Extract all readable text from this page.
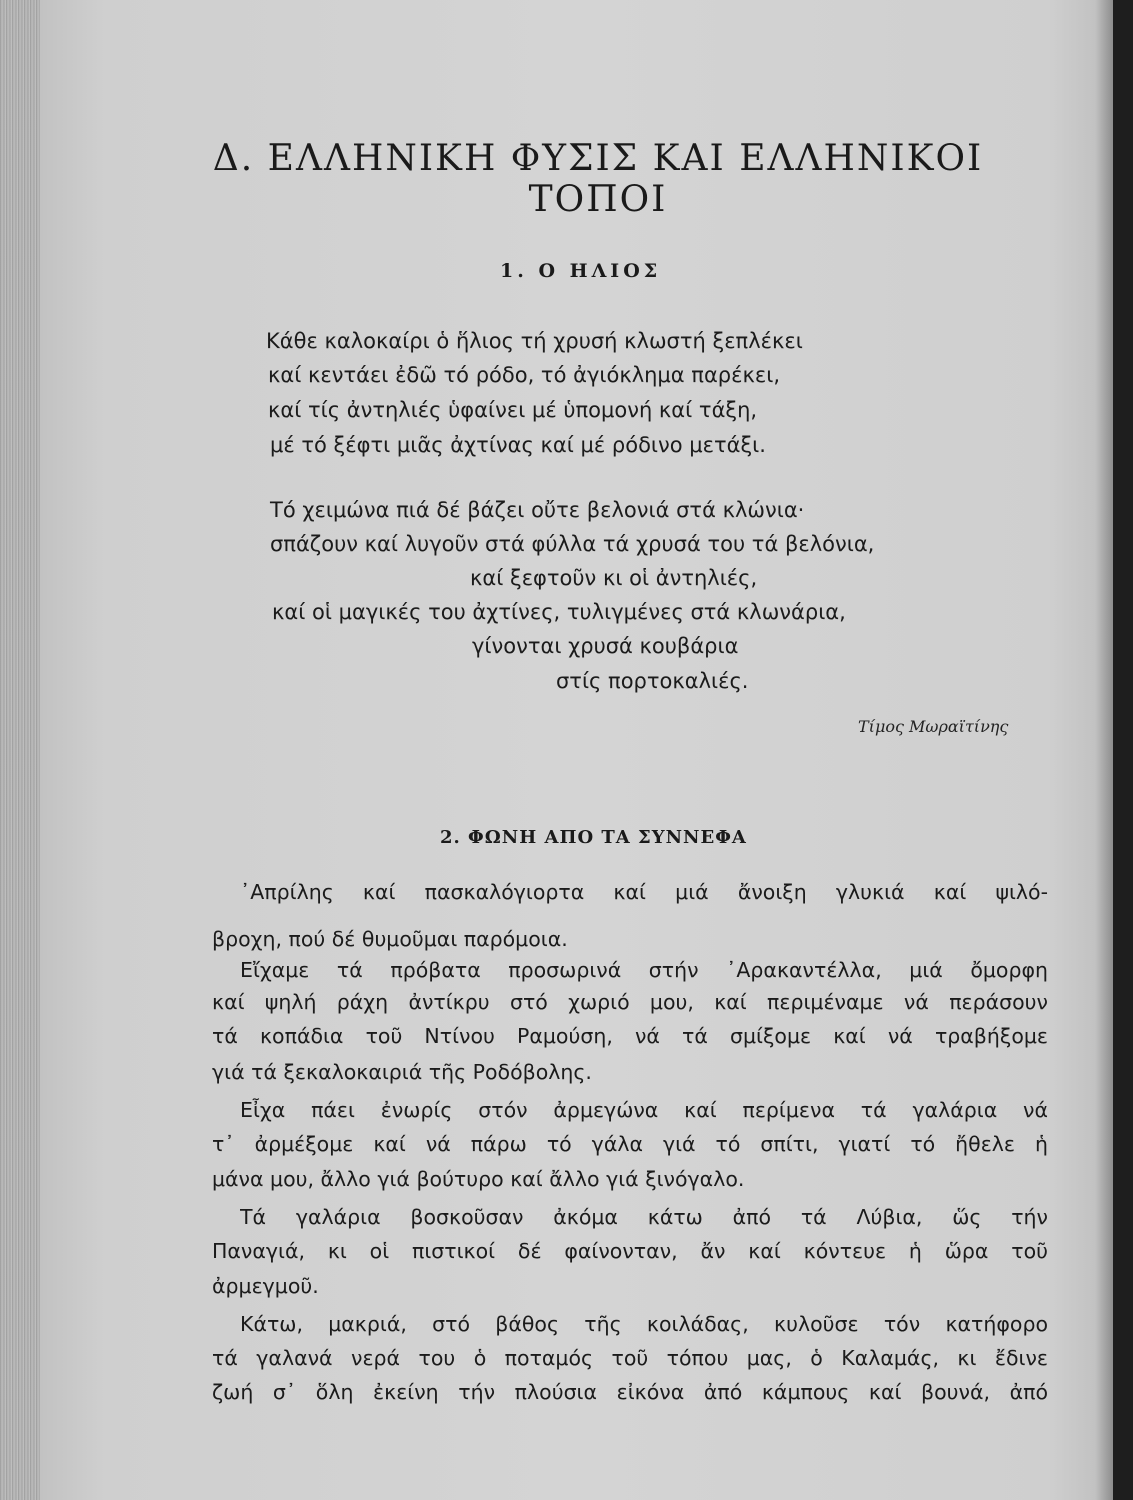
Δ. ΕΛΛΗΝΙΚΗ ΦΥΣΙΣ ΚΑΙ ΕΛΛΗΝΙΚΟΙ ΤΟΠΟΙ
1. Ο ΗΛΙΟΣ
Κάθε καλοκαίρι ὁ ἥλιος τή χρυσή κλωστή ξεπλέκει
καί κεντάει ἐδῶ τό ρόδο, τό ἀγιόκλημα παρέκει,
καί τίς ἀντηλιές ὑφαίνει μέ ὑπομονή καί τάξη,
μέ τό ξέφτι μιᾶς ἀχτίνας καί μέ ρόδινο μετάξι.
Τό χειμώνα πιά δέ βάζει οὔτε βελονιά στά κλώνια·
σπάζουν καί λυγοῦν στά φύλλα τά χρυσά του τά βελόνια,
καί ξεφτοῦν κι οἱ ἀντηλιές,
καί οἱ μαγικές του ἀχτίνες, τυλιγμένες στά κλωνάρια,
γίνονται χρυσά κουβάρια
στίς πορτοκαλιές.
Τίμος Μωραϊτίνης
2. ΦΩΝΗ ΑΠΟ ΤΑ ΣΥΝΝΕΦΑ
᾿Απρίλης καί πασκαλόγιορτα καί μιά ἄνοιξη γλυκιά καί ψιλό-
βροχη, πού δέ θυμοῦμαι παρόμοια.
Εἴχαμε τά πρόβατα προσωρινά στήν ᾿Αρακαντέλλα, μιά ὄμορφη
καί ψηλή ράχη ἀντίκρυ στό χωριό μου, καί περιμέναμε νά περάσουν
τά κοπάδια τοῦ Ντίνου Ραμούση, νά τά σμίξομε καί νά τραβήξομε
γιά τά ξεκαλοκαιριά τῆς Ροδόβολης.
Εἶχα πάει ἐνωρίς στόν ἀρμεγώνα καί περίμενα τά γαλάρια νά
τ᾿ ἀρμέξομε καί νά πάρω τό γάλα γιά τό σπίτι, γιατί τό ἤθελε ἡ
μάνα μου, ἄλλο γιά βούτυρο καί ἄλλο γιά ξινόγαλο.
Τά γαλάρια βοσκοῦσαν ἀκόμα κάτω ἀπό τά Λύβια, ὥς τήν
Παναγιά, κι οἱ πιστικοί δέ φαίνονταν, ἄν καί κόντευε ἡ ὥρα τοῦ
ἀρμεγμοῦ.
Κάτω, μακριά, στό βάθος τῆς κοιλάδας, κυλοῦσε τόν κατήφορο
τά γαλανά νερά του ὁ ποταμός τοῦ τόπου μας, ὁ Καλαμάς, κι ἔδινε
ζωή σ᾿ ὅλη ἐκείνη τήν πλούσια εἰκόνα ἀπό κάμπους καί βουνά, ἀπό
